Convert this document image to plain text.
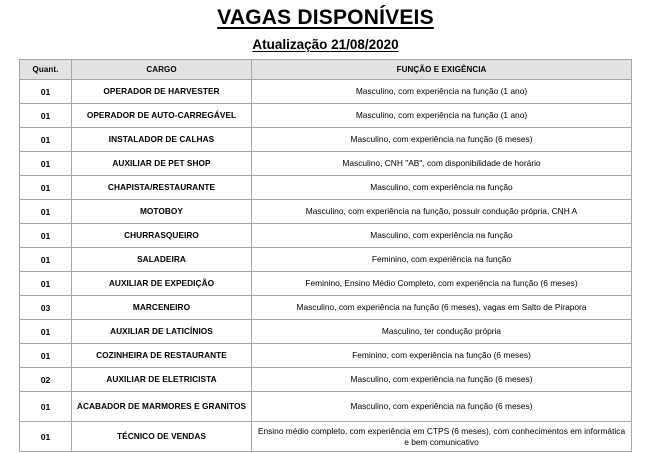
VAGAS DISPONÍVEIS
Atualização 21/08/2020
Quant.	CARGO	FUNÇÃO E EXIGÊNCIA
01	OPERADOR DE HARVESTER	Masculino, com experiência na função (1 ano)
01	OPERADOR DE AUTO-CARREGÁVEL	Masculino, com experiência na função (1 ano)
01	INSTALADOR DE CALHAS	Masculino, com experiência na função (6 meses)
01	AUXILIAR DE PET SHOP	Masculino, CNH "AB", com disponibilidade de horário
01	CHAPISTA/RESTAURANTE	Masculino, com experiência na função
01	MOTOBOY	Masculino, com experiência na função, possuir condução própria, CNH A
01	CHURRASQUEIRO	Masculino, com experiência na função
01	SALADEIRA	Feminino, com experiência na função
01	AUXILIAR DE EXPEDIÇÃO	Feminino, Ensino Médio Completo, com experiência na função (6 meses)
03	MARCENEIRO	Masculino, com experiência na função (6 meses), vagas em Salto de Pirapora
01	AUXILIAR DE LATICÍNIOS	Masculino, ter condução própria
01	COZINHEIRA DE RESTAURANTE	Feminino, com experiência na função (6 meses)
02	AUXILIAR DE ELETRICISTA	Masculino, com experiência na função (6 meses)
01	ACABADOR DE MARMORES E GRANITOS	Masculino, com experiência na função (6 meses)
01	TÉCNICO DE VENDAS	Ensino médio completo, com experiência em CTPS (6 meses), com conhecimentos em informática e bem comunicativo
